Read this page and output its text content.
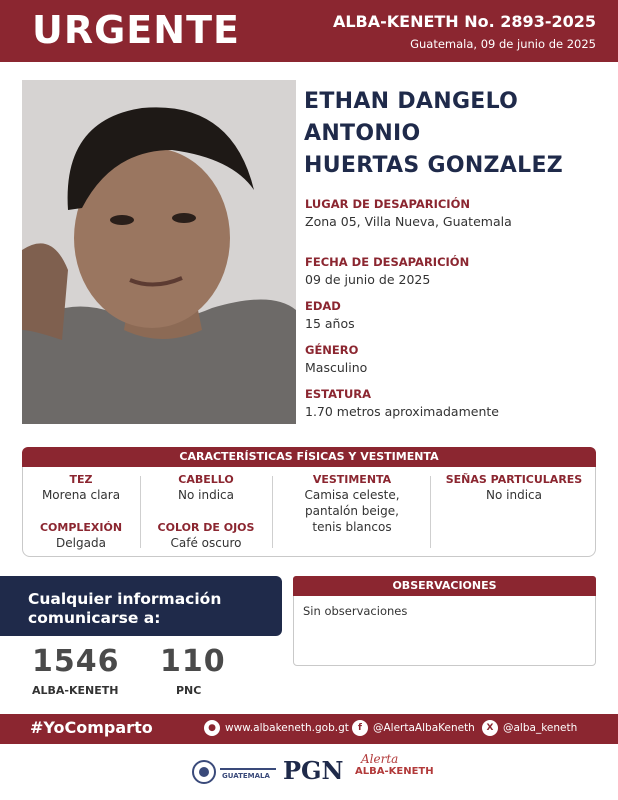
URGENTE	ALBA-KENETH No. 2893-2025
Guatemala, 09 de junio de 2025
ETHAN DANGELO
ANTONIO
HUERTAS GONZALEZ
LUGAR DE DESAPARICIÓN
Zona 05, Villa Nueva, Guatemala
FECHA DE DESAPARICIÓN
09 de junio de 2025
EDAD
15 años
GÉNERO
Masculino
ESTATURA
1.70 metros aproximadamente
CARACTERÍSTICAS FÍSICAS Y VESTIMENTA
TEZ
Morena clara
COMPLEXIÓN
Delgada
CABELLO
No indica
COLOR DE OJOS
Café oscuro
VESTIMENTA
Camisa celeste,
pantalón beige,
tenis blancos
SEÑAS PARTICULARES
No indica
Cualquier información
comunicarse a:
1546
ALBA-KENETH
110
PNC
OBSERVACIONES
Sin observaciones
#YoComparto	● www.albakeneth.gob.gt	f	@AlertaAlbaKeneth	X @alba_keneth
GUATEMALA PGN Alerta
ALBA-KENETH
